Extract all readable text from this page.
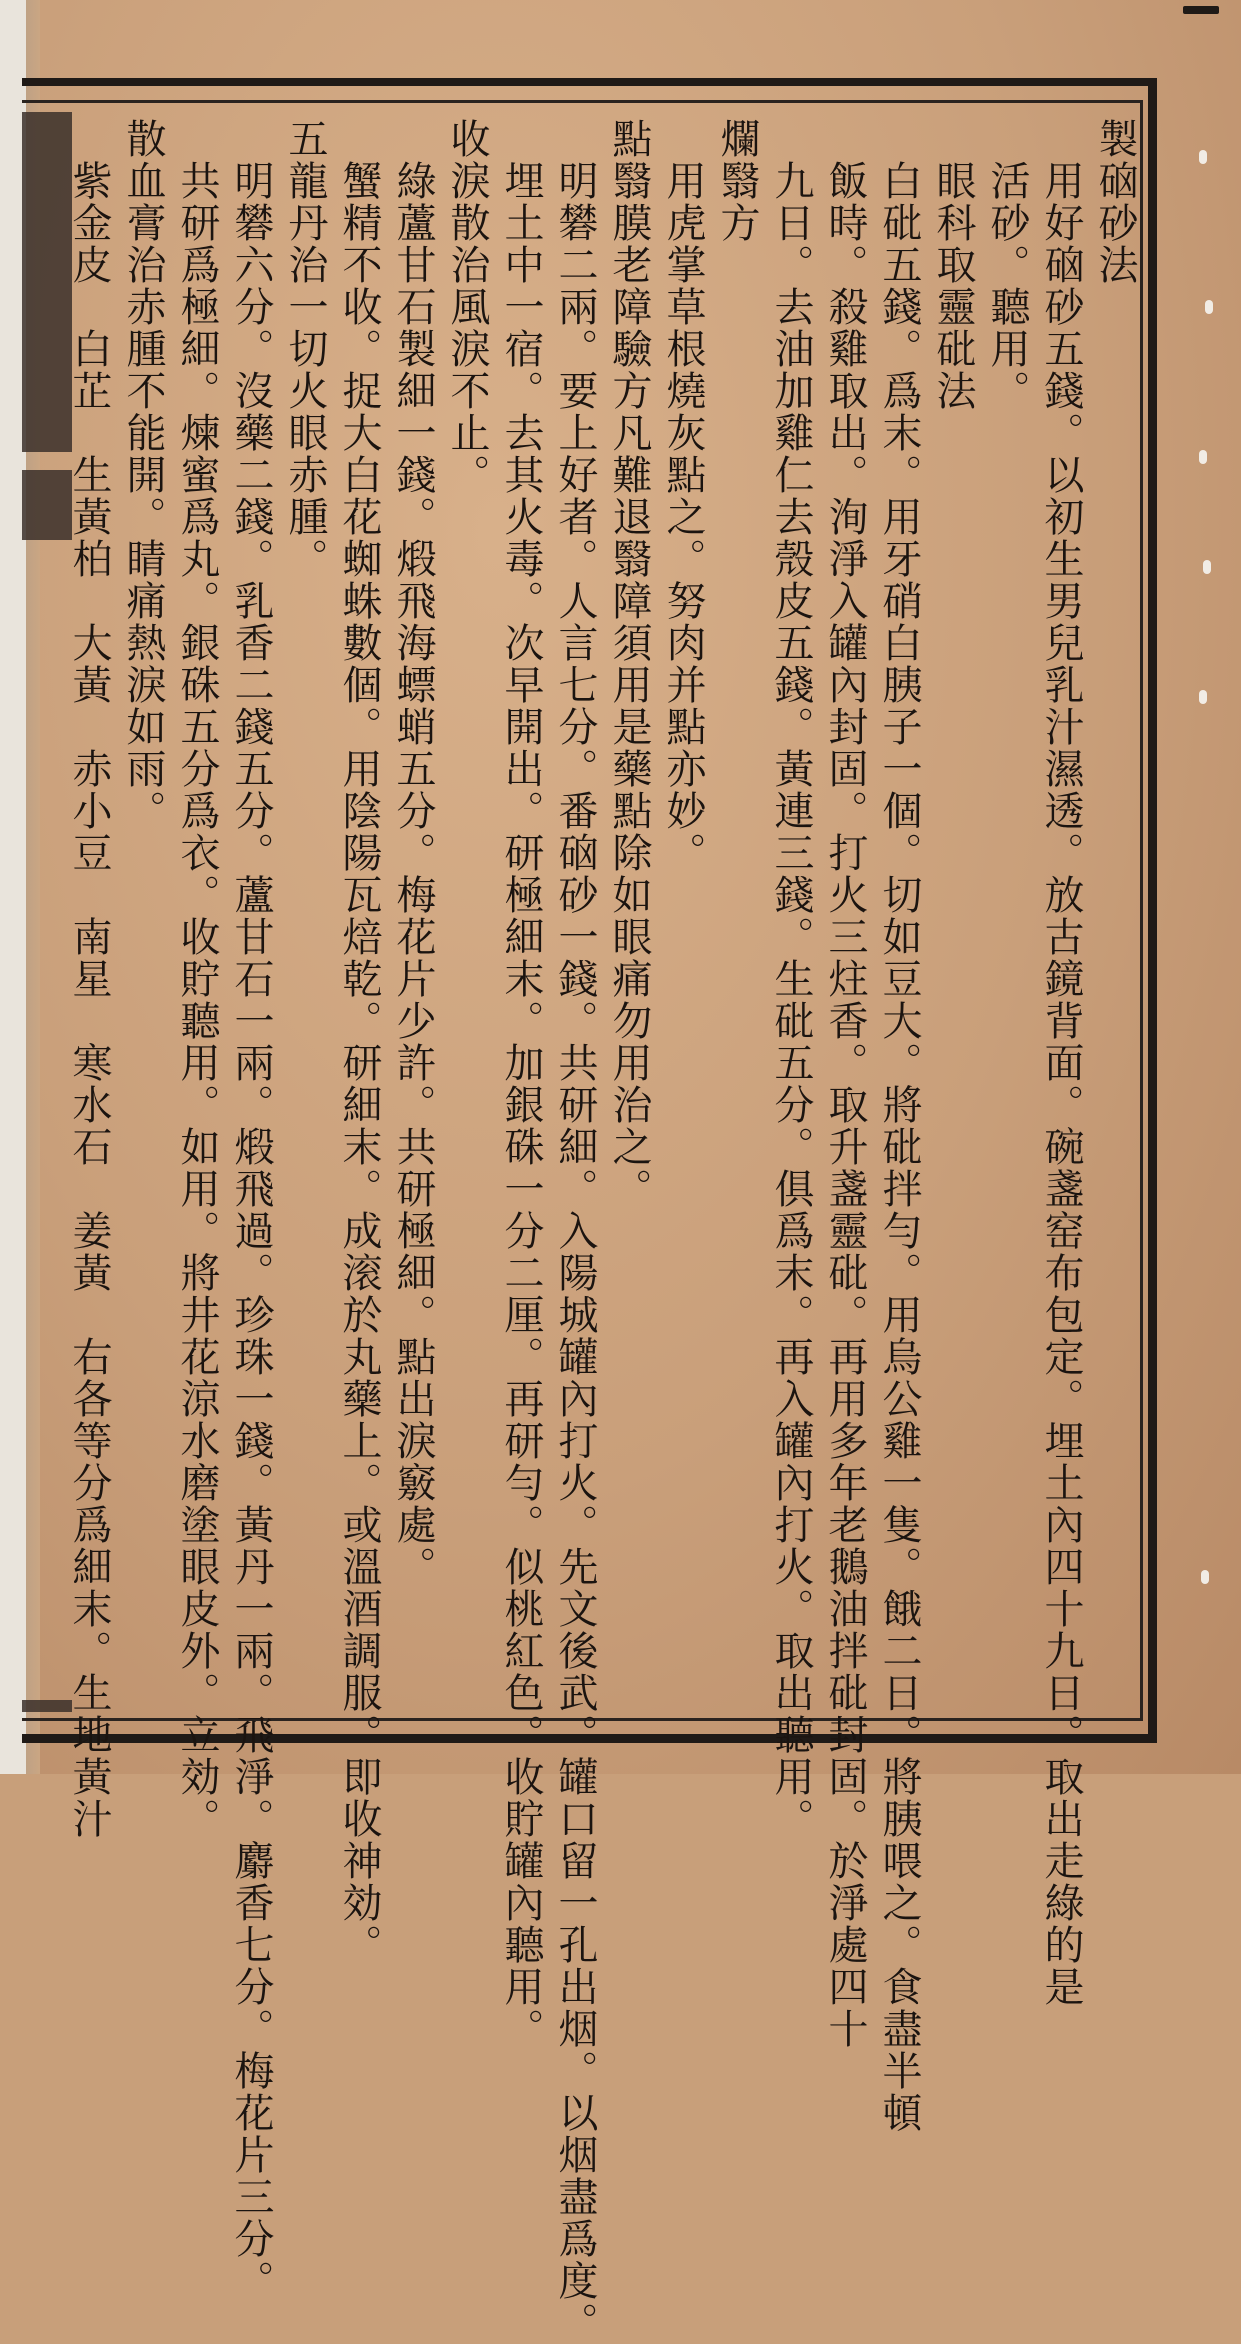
製硇砂法
用好硇砂五錢。以初生男兒乳汁濕透。放古鏡背面。碗盞窑布包定。埋土內四十九日。取出走綠的是
活砂。聽用。
眼科取靈砒法
白砒五錢。爲末。用牙硝白胰子一個。切如豆大。將砒拌勻。用烏公雞一隻。餓二日。將胰喂之。食盡半頓
飯時。殺雞取出。洵淨入罐內封固。打火三炷香。取升盞靈砒。再用多年老鵝油拌砒封固。於淨處四十
九日。去油加雞仁去殼皮五錢。黃連三錢。生砒五分。俱爲末。再入罐內打火。取出聽用。
爛翳方
用虎掌草根燒灰點之。努肉并點亦妙。
點翳膜老障驗方凡難退翳障須用是藥點除如眼痛勿用治之。
明礬二兩。要上好者。人言七分。番硇砂一錢。共研細。入陽城罐內打火。先文後武。罐口留一孔出烟。以烟盡爲度。
埋土中一宿。去其火毒。次早開出。研極細末。加銀硃一分二厘。再研勻。似桃紅色。收貯罐內聽用。
收淚散治風淚不止。
綠蘆甘石製細一錢。煅飛海螵蛸五分。梅花片少許。共研極細。點出淚竅處。
蟹精不收。捉大白花蜘蛛數個。用陰陽瓦焙乾。研細末。成滚於丸藥上。或溫酒調服。即收神効。
五龍丹治一切火眼赤腫。
明礬六分。沒藥二錢。乳香二錢五分。蘆甘石一兩。煅飛過。珍珠一錢。黃丹一兩。飛淨。麝香七分。梅花片三分。
共研爲極細。煉蜜爲丸。銀硃五分爲衣。收貯聽用。如用。將井花涼水磨塗眼皮外。立効。
散血膏治赤腫不能開。睛痛熱淚如雨。
紫金皮　白芷　生黃柏　大黃　赤小豆　南星　寒水石　姜黃　右各等分爲細末。生地黃汁
